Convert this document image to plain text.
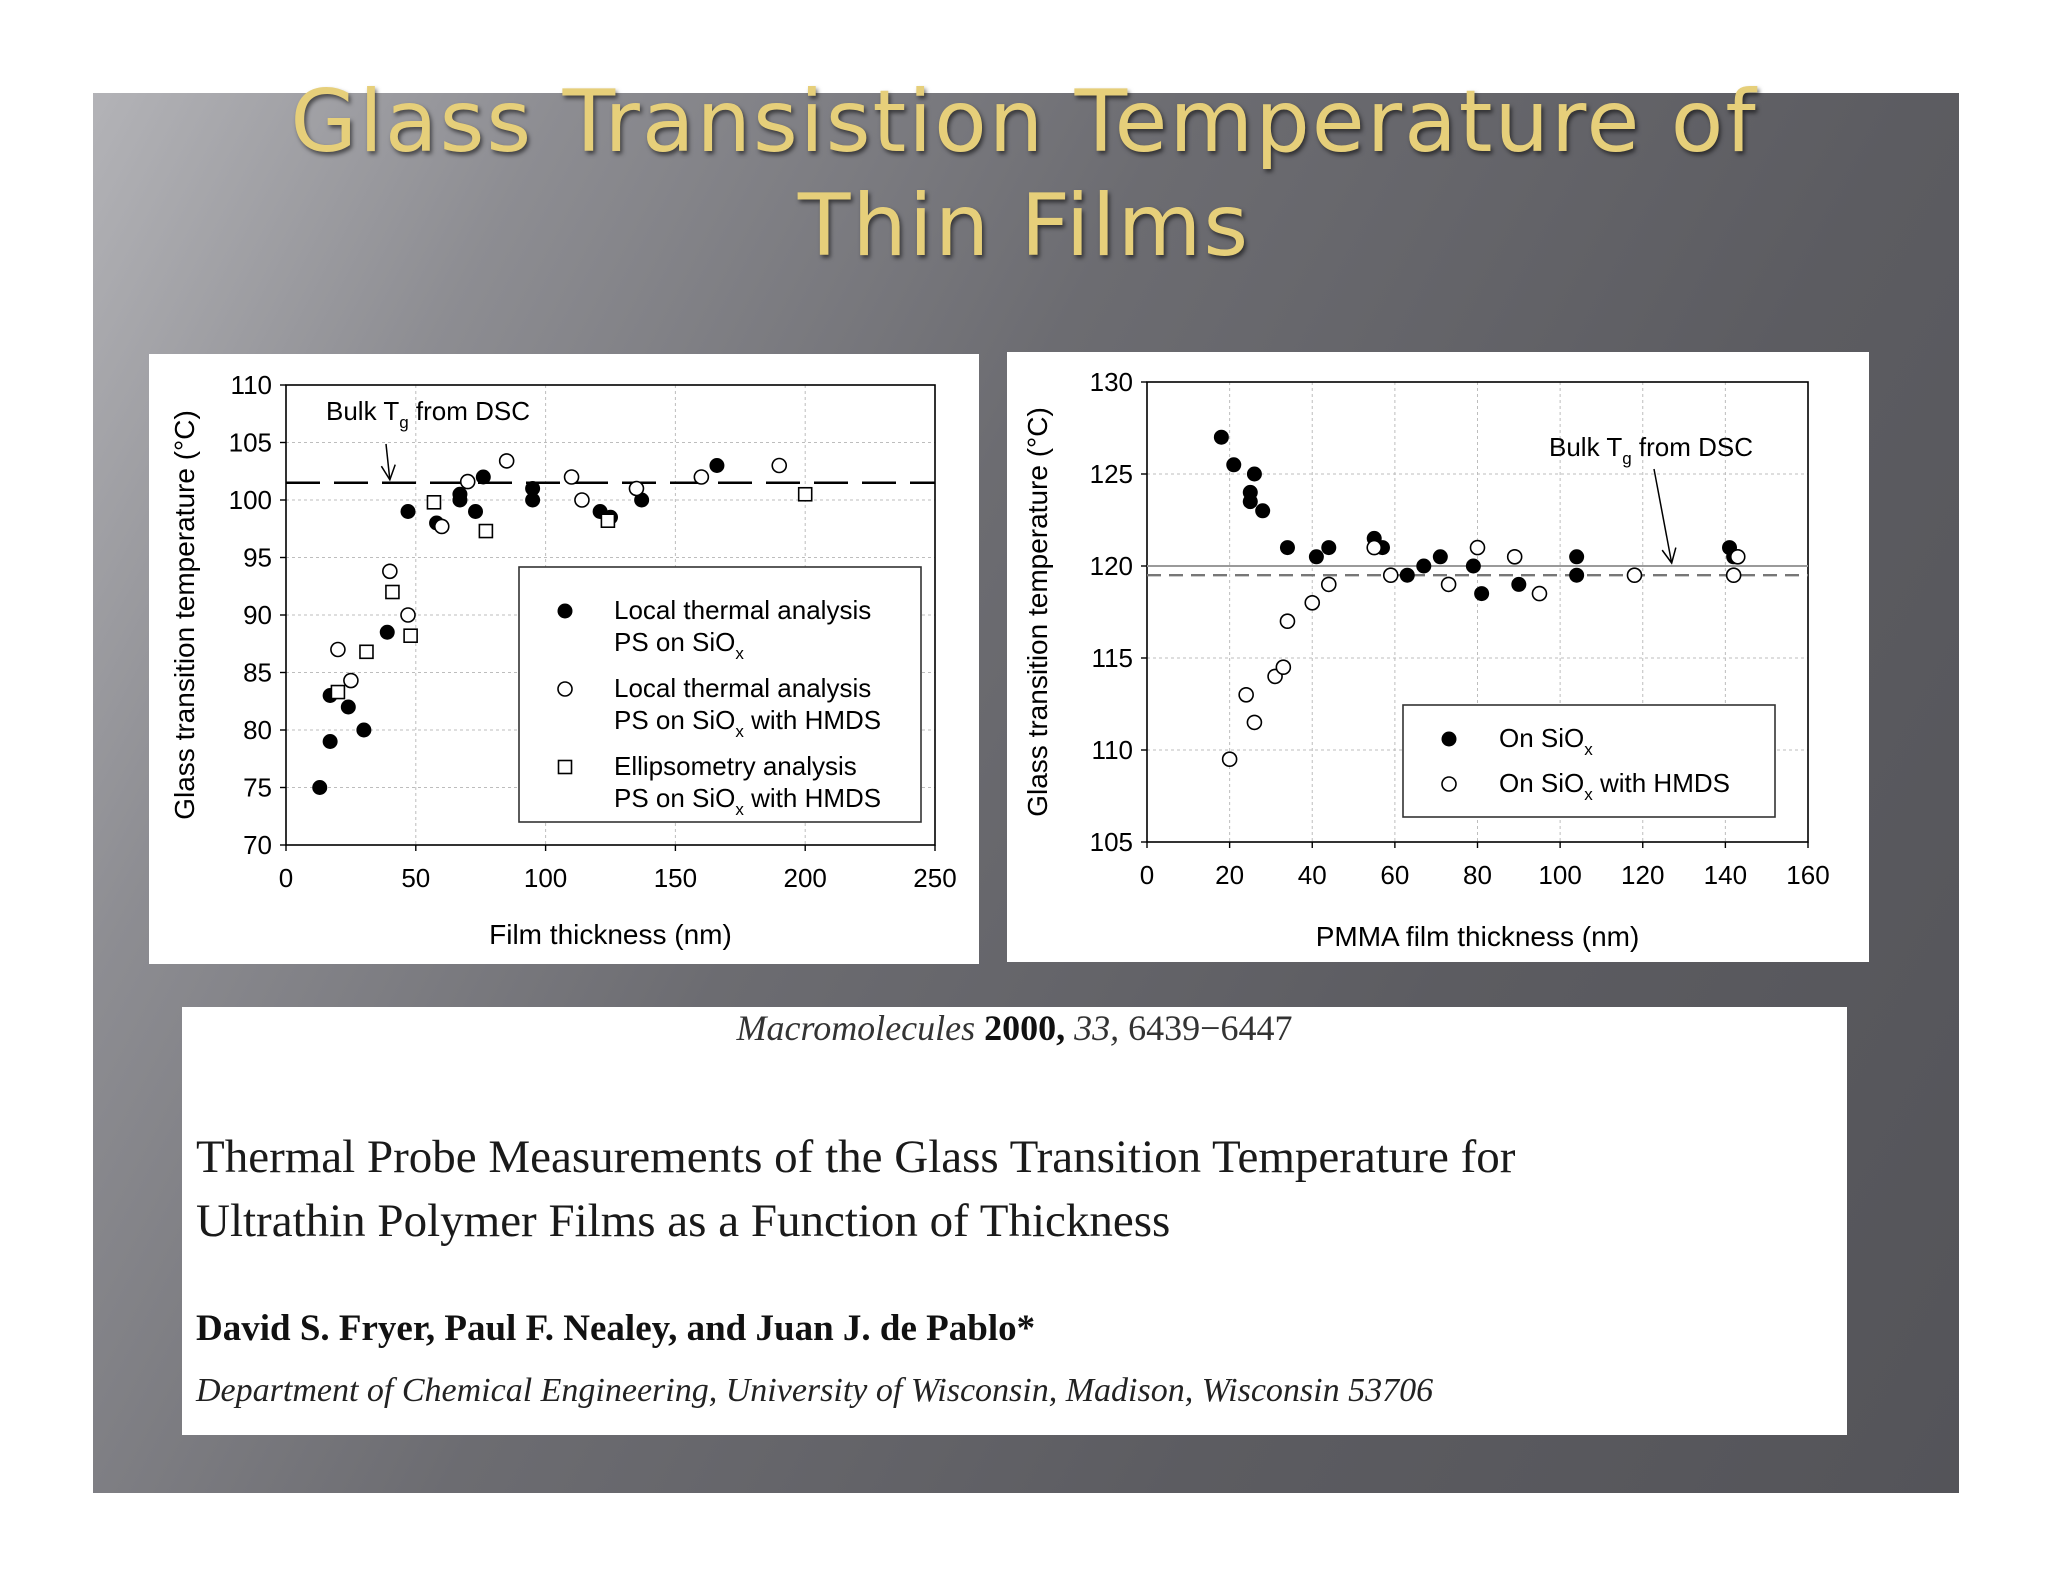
Glass Transistion Temperature of
Thin Films
0	50	100	150	200	250
70
75
80
85
90
95
100
105
110
Film thickness (nm)
Glass transition temperature (°C)	Bulk $T_g$ from DSC
Local thermal analysis
PS on SiO$_x$
Local thermal analysis
PS on SiO$_x$ with HMDS
Ellipsometry analysis
PS on SiO$_x$ with HMDS
0 20 40 60 80 100 120 140 160
105
110
115
120
125
130
PMMA film thickness (nm)
Glass transition temperature (°C)	Bulk $T_g$ from DSC
On SiO$_x$
On SiO$_x$ with HMDS
Macromolecules 2000, 33, 6439−6447
Thermal Probe Measurements of the Glass Transition Temperature for
Ultrathin Polymer Films as a Function of Thickness
David S. Fryer, Paul F. Nealey, and Juan J. de Pablo*
Department of Chemical Engineering, University of Wisconsin, Madison, Wisconsin 53706
